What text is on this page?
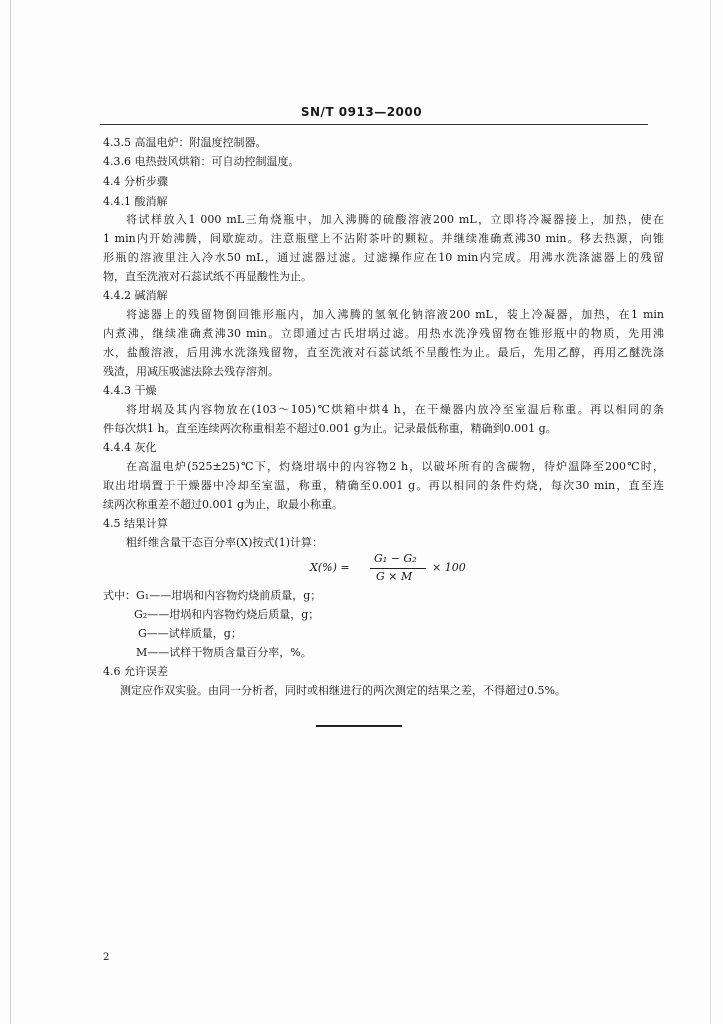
SN/T 0913—2000
4.3.5 高温电炉：附温度控制器。
4.3.6 电热鼓风烘箱：可自动控制温度。
4.4 分析步骤
4.4.1 酸消解
将试样放入1 000 mL三角烧瓶中，加入沸腾的硫酸溶液200 mL，立即将冷凝器接上，加热，使在
1 min内开始沸腾，间歇旋动。注意瓶壁上不沾附茶叶的颗粒。并继续准确煮沸30 min。移去热源，向锥
形瓶的溶液里注入冷水50 mL，通过滤器过滤。过滤操作应在10 min内完成。用沸水洗涤滤器上的残留
物，直至洗液对石蕊试纸不再显酸性为止。
4.4.2 碱消解
将滤器上的残留物倒回锥形瓶内，加入沸腾的氢氧化钠溶液200 mL，装上冷凝器，加热，在1 min
内煮沸，继续准确煮沸30 min。立即通过古氏坩埚过滤。用热水洗净残留物在锥形瓶中的物质，先用沸
水，盐酸溶液，后用沸水洗涤残留物，直至洗液对石蕊试纸不呈酸性为止。最后，先用乙醇，再用乙醚洗涤
残渣，用减压吸滤法除去残存溶剂。
4.4.3 干燥
将坩埚及其内容物放在(103～105)℃烘箱中烘4 h，在干燥器内放冷至室温后称重。再以相同的条
件每次烘1 h。直至连续两次称重相差不超过0.001 g为止。记录最低称重，精确到0.001 g。
4.4.4 灰化
在高温电炉(525±25)℃下，灼烧坩埚中的内容物2 h，以破坏所有的含碳物，待炉温降至200℃时，
取出坩埚置于干燥器中冷却至室温，称重，精确至0.001 g。再以相同的条件灼烧，每次30 min，直至连
续两次称重差不超过0.001 g为止，取最小称重。
4.5 结果计算
粗纤维含量干态百分率(X)按式(1)计算：
X(%) =
G₁ − G₂
G × M
× 100
式中：G₁——坩埚和内容物灼烧前质量，g；
G₂——坩埚和内容物灼烧后质量，g；
G——试样质量，g；
M——试样干物质含量百分率，%。
4.6 允许误差
测定应作双实验。由同一分析者，同时或相继进行的两次测定的结果之差，不得超过0.5%。
2
